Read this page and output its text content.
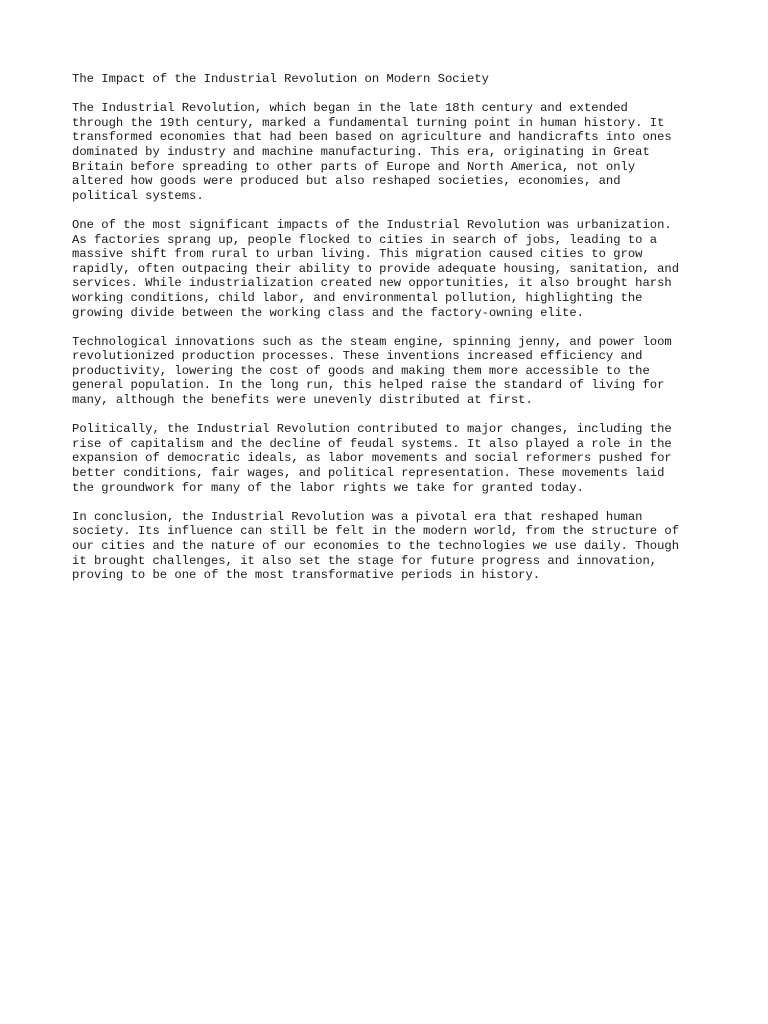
The Impact of the Industrial Revolution on Modern Society
The Industrial Revolution, which began in the late 18th century and extended
through the 19th century, marked a fundamental turning point in human history. It
transformed economies that had been based on agriculture and handicrafts into ones
dominated by industry and machine manufacturing. This era, originating in Great
Britain before spreading to other parts of Europe and North America, not only
altered how goods were produced but also reshaped societies, economies, and
political systems.
One of the most significant impacts of the Industrial Revolution was urbanization.
As factories sprang up, people flocked to cities in search of jobs, leading to a
massive shift from rural to urban living. This migration caused cities to grow
rapidly, often outpacing their ability to provide adequate housing, sanitation, and
services. While industrialization created new opportunities, it also brought harsh
working conditions, child labor, and environmental pollution, highlighting the
growing divide between the working class and the factory-owning elite.
Technological innovations such as the steam engine, spinning jenny, and power loom
revolutionized production processes. These inventions increased efficiency and
productivity, lowering the cost of goods and making them more accessible to the
general population. In the long run, this helped raise the standard of living for
many, although the benefits were unevenly distributed at first.
Politically, the Industrial Revolution contributed to major changes, including the
rise of capitalism and the decline of feudal systems. It also played a role in the
expansion of democratic ideals, as labor movements and social reformers pushed for
better conditions, fair wages, and political representation. These movements laid
the groundwork for many of the labor rights we take for granted today.
In conclusion, the Industrial Revolution was a pivotal era that reshaped human
society. Its influence can still be felt in the modern world, from the structure of
our cities and the nature of our economies to the technologies we use daily. Though
it brought challenges, it also set the stage for future progress and innovation,
proving to be one of the most transformative periods in history.
